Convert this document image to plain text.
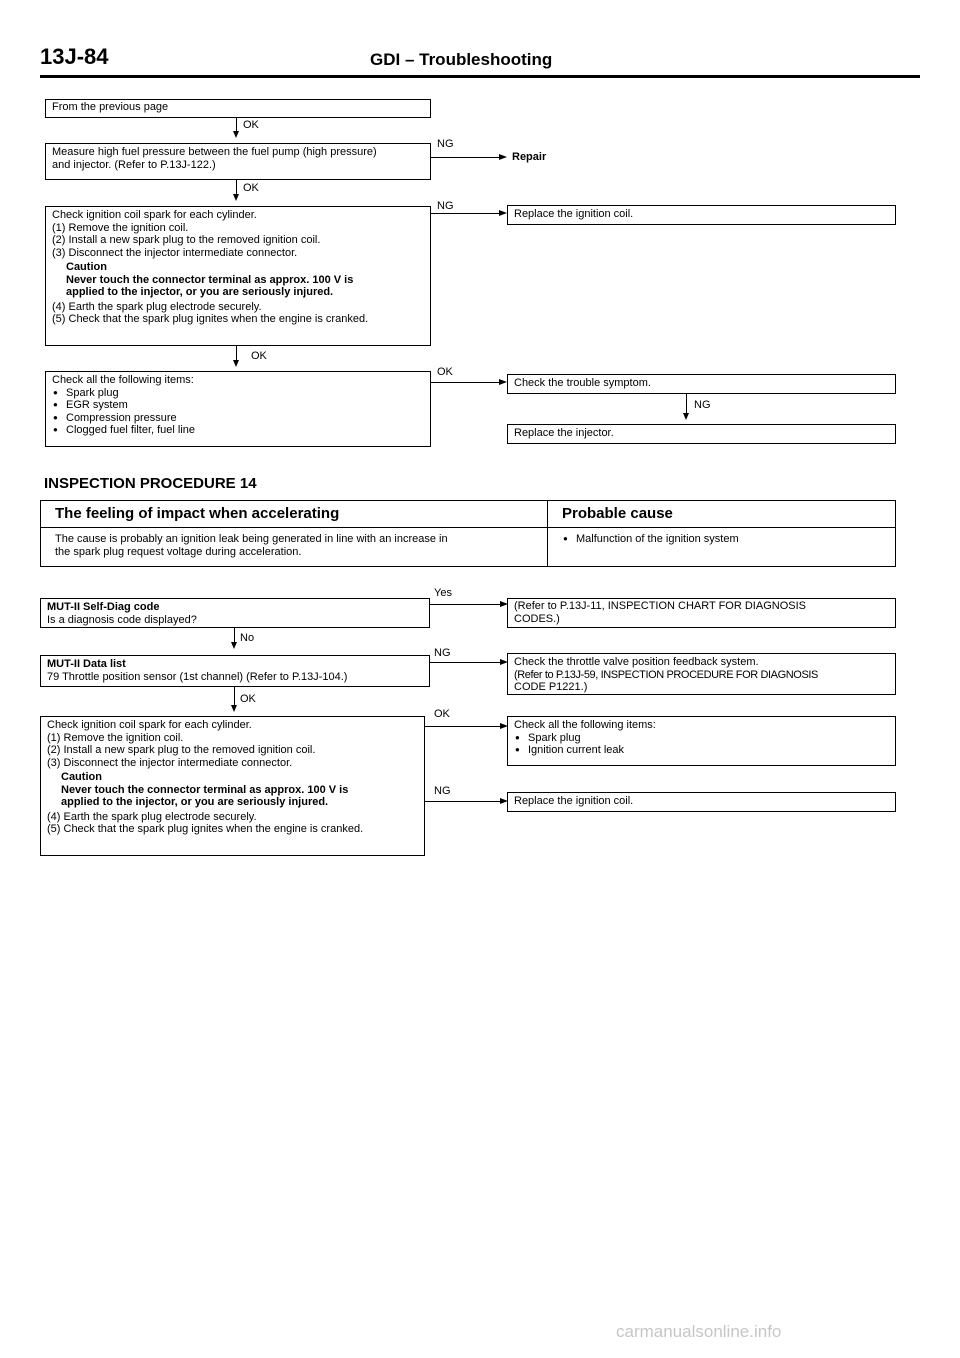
13J-84	GDI – Troubleshooting
From the previous page
OK
Measure high fuel pressure between the fuel pump (high pressure)
and injector. (Refer to P.13J-122.)
NG
Repair
OK
Check ignition coil spark for each cylinder.
(1) Remove the ignition coil.
(2) Install a new spark plug to the removed ignition coil.
(3) Disconnect the injector intermediate connector.
Caution
Never touch the connector terminal as approx. 100 V is
applied to the injector, or you are seriously injured.
(4) Earth the spark plug electrode securely.
(5) Check that the spark plug ignites when the engine is cranked.
NG
Replace the ignition coil.
OK
Check all the following items:
● Spark plug
● EGR system
● Compression pressure
● Clogged fuel filter, fuel line
OK
Check the trouble symptom.
NG
Replace the injector.
INSPECTION PROCEDURE 14
The feeling of impact when accelerating	Probable cause
The cause is probably an ignition leak being generated in line with an increase in
the spark plug request voltage during acceleration.
● Malfunction of the ignition system
MUT-II Self-Diag code
Is a diagnosis code displayed?
Yes
(Refer to P.13J-11, INSPECTION CHART FOR DIAGNOSIS
CODES.)
No
MUT-II Data list
79 Throttle position sensor (1st channel) (Refer to P.13J-104.)
NG
Check the throttle valve position feedback system.
(Refer to P.13J-59, INSPECTION PROCEDURE FOR DIAGNOSIS
CODE P1221.)
OK
Check ignition coil spark for each cylinder.
(1) Remove the ignition coil.
(2) Install a new spark plug to the removed ignition coil.
(3) Disconnect the injector intermediate connector.
Caution
Never touch the connector terminal as approx. 100 V is
applied to the injector, or you are seriously injured.
(4) Earth the spark plug electrode securely.
(5) Check that the spark plug ignites when the engine is cranked.
OK
Check all the following items:
● Spark plug
● Ignition current leak
NG
Replace the ignition coil.
carmanualsonline.info
